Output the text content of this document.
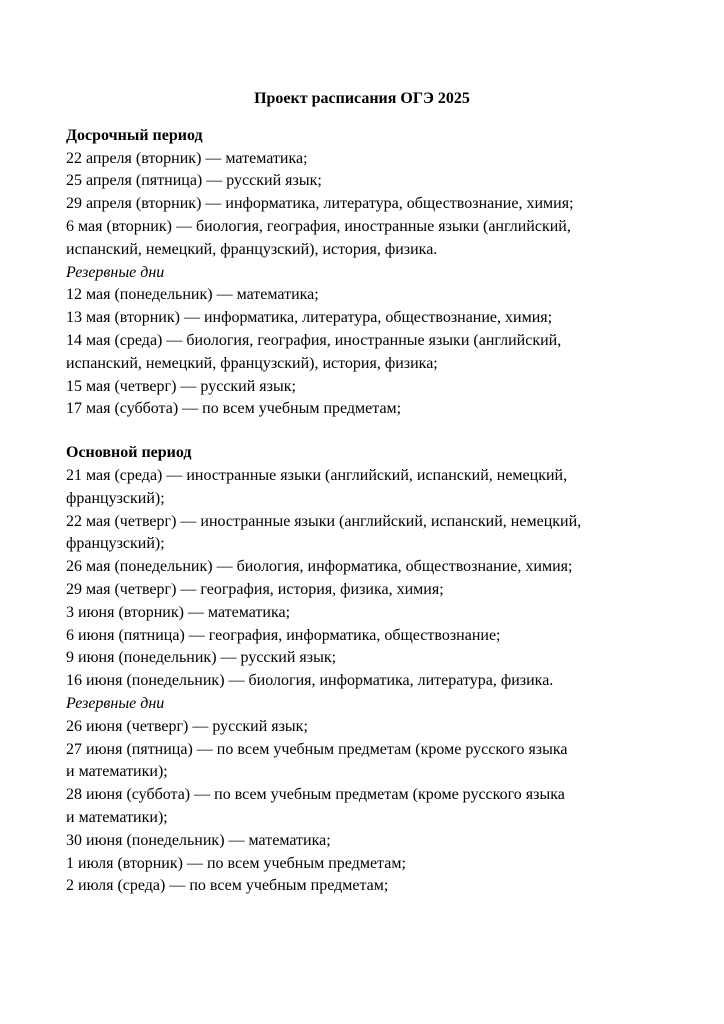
Проект расписания ОГЭ 2025
Досрочный период

22 апреля (вторник) — математика;

25 апреля (пятница) — русский язык;

29 апреля (вторник) — информатика, литература, обществознание, химия;

6 мая (вторник) — биология, география, иностранные языки (английский,
испанский, немецкий, французский), история, физика.

Резервные дни

12 мая (понедельник) — математика;

13 мая (вторник) — информатика, литература, обществознание, химия;

14 мая (среда) — биология, география, иностранные языки (английский,
испанский, немецкий, французский), история, физика;

15 мая (четверг) — русский язык;

17 мая (суббота) — по всем учебным предметам;

Основной период

21 мая (среда) — иностранные языки (английский, испанский, немецкий,
французский);

22 мая (четверг) — иностранные языки (английский, испанский, немецкий,
французский);

26 мая (понедельник) — биология, информатика, обществознание, химия;

29 мая (четверг) — география, история, физика, химия;

3 июня (вторник) — математика;

6 июня (пятница) — география, информатика, обществознание;

9 июня (понедельник) — русский язык;

16 июня (понедельник) — биология, информатика, литература, физика.

Резервные дни

26 июня (четверг) — русский язык;

27 июня (пятница) — по всем учебным предметам (кроме русского языка
и математики);

28 июня (суббота) — по всем учебным предметам (кроме русского языка
и математики);

30 июня (понедельник) — математика;

1 июля (вторник) — по всем учебным предметам;

2 июля (среда) — по всем учебным предметам;
